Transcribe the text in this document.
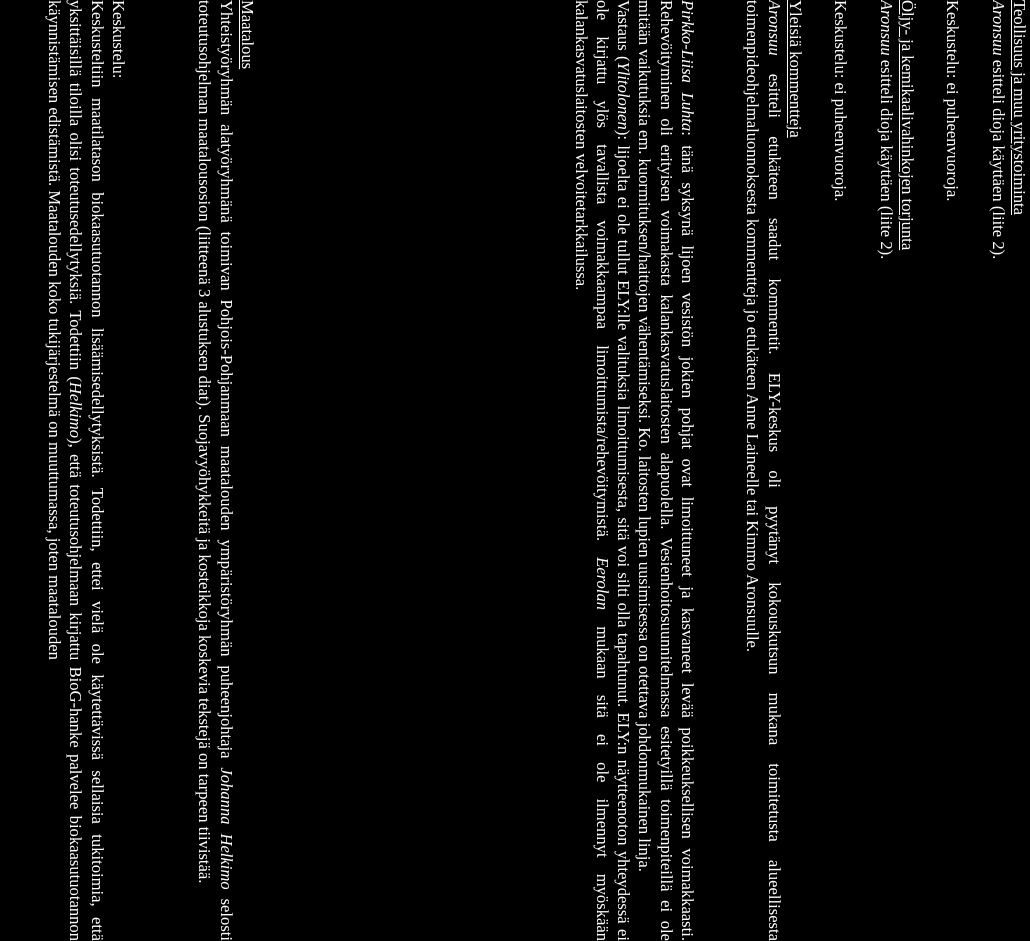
Teollisuus ja muu yritystoiminta

Aronsuu esitteli dioja käyttäen (liite 2).

Keskustelu: ei puheenvuoroja.

Öljy- ja kemikaalivahinkojen torjunta

Aronsuu esitteli dioja käyttäen (liite 2).

Keskustelu: ei puheenvuoroja.

Yleisiä kommentteja

Aronsuu esitteli etukäteen saadut kommentit. ELY-keskus oli pyytänyt kokouskutsun mukana toimitetusta alueellisesta toimenpideohjelmaluonnoksesta kommentteja jo etukäteen Anne Laineelle tai Kimmo Aronsuulle.

Pirkko-Liisa Luhta: tänä syksynä lijoen vesistön jokien pohjat ovat limoittuneet ja kasvaneet levää poikkeuksellisen voimakkaasti. Rehevöityminen oli erityisen voimakasta kalankasvatuslaitosten alapuolella. Vesienhoitosuunnitelmassa esitetyillä toimenpiteillä ei ole mitään vaikutuksia em. kuormituksen/haittojen vähentämiseksi. Ko. laitosten lupien uusimisessa on otettava johdonmukainen linja.

Vastaus (Ylitolonen): lijoelta ei ole tullut ELY:lle valituksia limoittumisesta, sitä voi silti olla tapahtunut. ELY:n näytteenoton yhteydessä ei ole kirjattu ylös tavallista voimakkaampaa limoittumista/rehevöitymistä. Eerolan mukaan sitä ei ole ilmennyt myöskään kalankasvatuslaitosten velvoitetarkkailussa.

Maatalous

Yhteistyöryhmän alatyöryhmänä toimivan Pohjois-Pohjanmaan maatalouden ympäristöryhmän puheenjohtaja Johanna Helkimo selosti toteutusohjelman maatalousosion (liitteenä 3 alustuksen diat). Suojavyöhykkeitä ja kosteikkoja koskevia tekstejä on tarpeen tiivistää.

Keskustelu:

Keskusteltiin maatilatason biokaasutuotannon lisäämisedellytyksistä. Todettiin, ettei vielä ole käytettävissä sellaisia tukitoimia, että yksittäisillä tiloilla olisi toteutusedellytyksiä. Todettiin (Helkimo), että toteutusohjelmaan kirjattu BioG-hanke palvelee biokaasutuotannon käynnistämisen edistämistä. Maatalouden koko tukijärjestelmä on muuttumassa, joten maatalouden
